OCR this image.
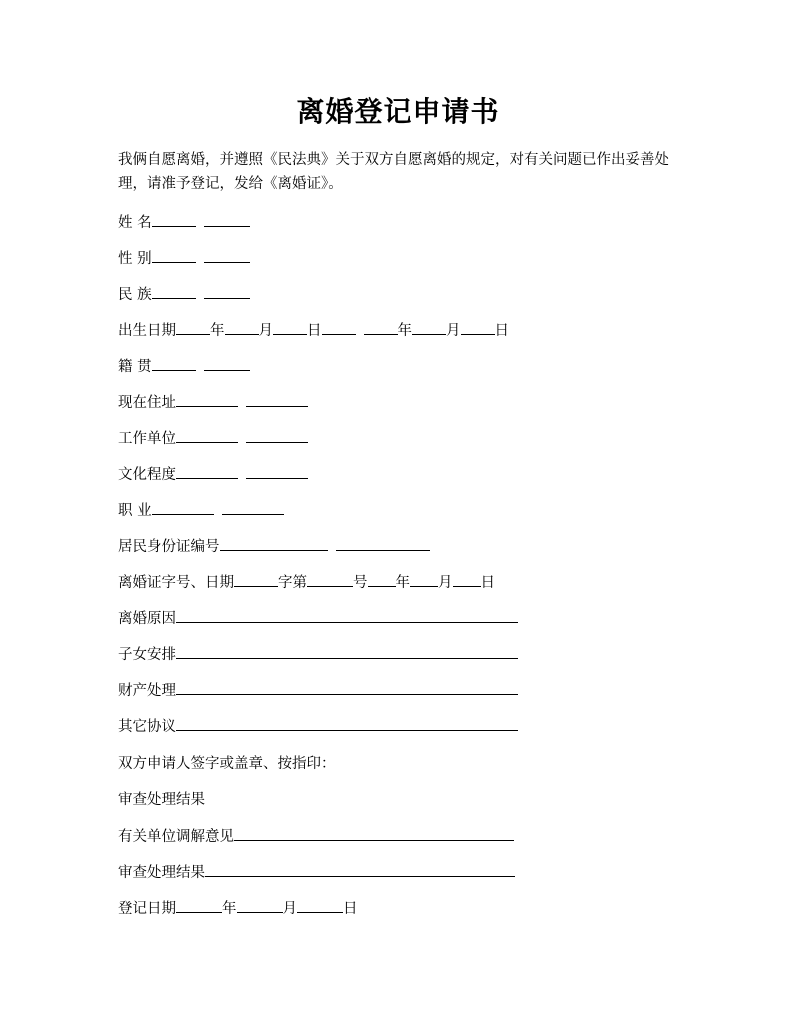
离婚登记申请书
我俩自愿离婚，并遵照《民法典》关于双方自愿离婚的规定，对有关问题已作出妥善处理，请准予登记，发给《离婚证》。
姓 名
性 别
民 族
出生日期 年 月 日	年 月 日
籍 贯
现在住址
工作单位
文化程度
职 业
居民身份证编号
离婚证字号、日期	字第	号 年 月 日
离婚原因
子女安排
财产处理
其它协议
双方申请人签字或盖章、按指印：
审查处理结果
有关单位调解意见
审查处理结果
登记日期	年	月	日
